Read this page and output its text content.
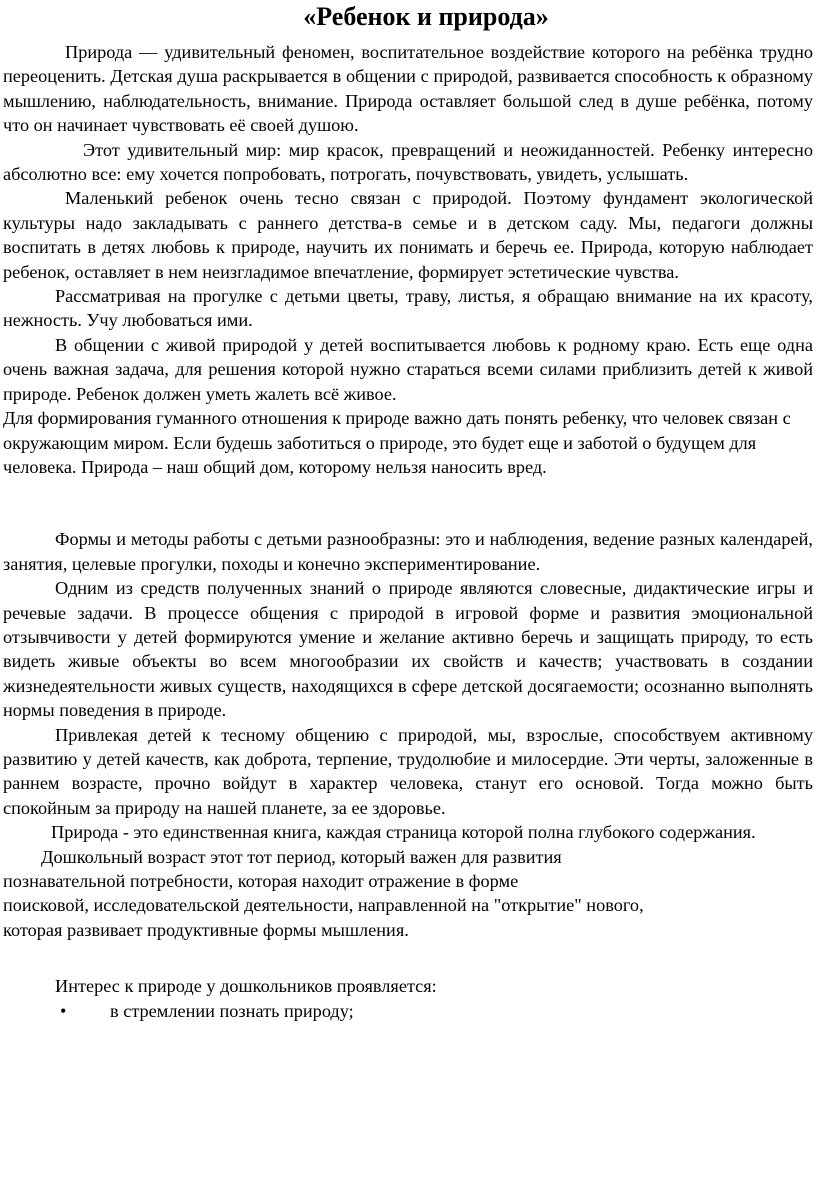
«Ребенок и природа»

Природа — удивительный феномен, воспитательное воздействие которого на ребёнка трудно переоценить. Детская душа раскрывается в общении с природой, развивается способность к образному мышлению, наблюдательность, внимание. Природа оставляет большой след в душе ребёнка, потому что он начинает чувствовать её своей душою.

Этот удивительный мир: мир красок, превращений и неожиданностей. Ребенку интересно абсолютно все: ему хочется попробовать, потрогать, почувствовать, увидеть, услышать.

Маленький ребенок очень тесно связан с природой. Поэтому фундамент экологической культуры надо закладывать с раннего детства-в семье и в детском саду. Мы, педагоги должны воспитать в детях любовь к природе, научить их понимать и беречь ее. Природа, которую наблюдает ребенок, оставляет в нем неизгладимое впечатление, формирует эстетические чувства.

Рассматривая на прогулке с детьми цветы, траву, листья, я обращаю внимание на их красоту, нежность. Учу любоваться ими.

В общении с живой природой у детей воспитывается любовь к родному краю. Есть еще одна очень важная задача, для решения которой нужно стараться всеми силами приблизить детей к живой природе. Ребенок должен уметь жалеть всё живое.

Для формирования гуманного отношения к природе важно дать понять ребенку, что человек связан с окружающим миром. Если будешь заботиться о природе, это будет еще и заботой о будущем для человека. Природа – наш общий дом, которому нельзя наносить вред.

Формы и методы работы с детьми разнообразны: это и наблюдения, ведение разных календарей, занятия, целевые прогулки, походы и конечно экспериментирование.

Одним из средств полученных знаний о природе являются словесные, дидактические игры и речевые задачи. В процессе общения с природой в игровой форме и развития эмоциональной отзывчивости у детей формируются умение и желание активно беречь и защищать природу, то есть видеть живые объекты во всем многообразии их свойств и качеств; участвовать в создании жизнедеятельности живых существ, находящихся в сфере детской досягаемости; осознанно выполнять нормы поведения в природе.

Привлекая детей к тесному общению с природой, мы, взрослые, способствуем активному развитию у детей качеств, как доброта, терпение, трудолюбие и милосердие. Эти черты, заложенные в раннем возрасте, прочно войдут в характер человека, станут его основой. Тогда можно быть спокойным за природу на нашей планете, за ее здоровье.

Природа - это единственная книга, каждая страница которой полна глубокого содержания.

Дошкольный возраст этот тот период, который важен для развития

познавательной потребности, которая находит отражение в форме

поисковой, исследовательской деятельности, направленной на "открытие" нового,

которая развивает продуктивные формы мышления.

Интерес к природе у дошкольников проявляется:

• в стремлении познать природу;
